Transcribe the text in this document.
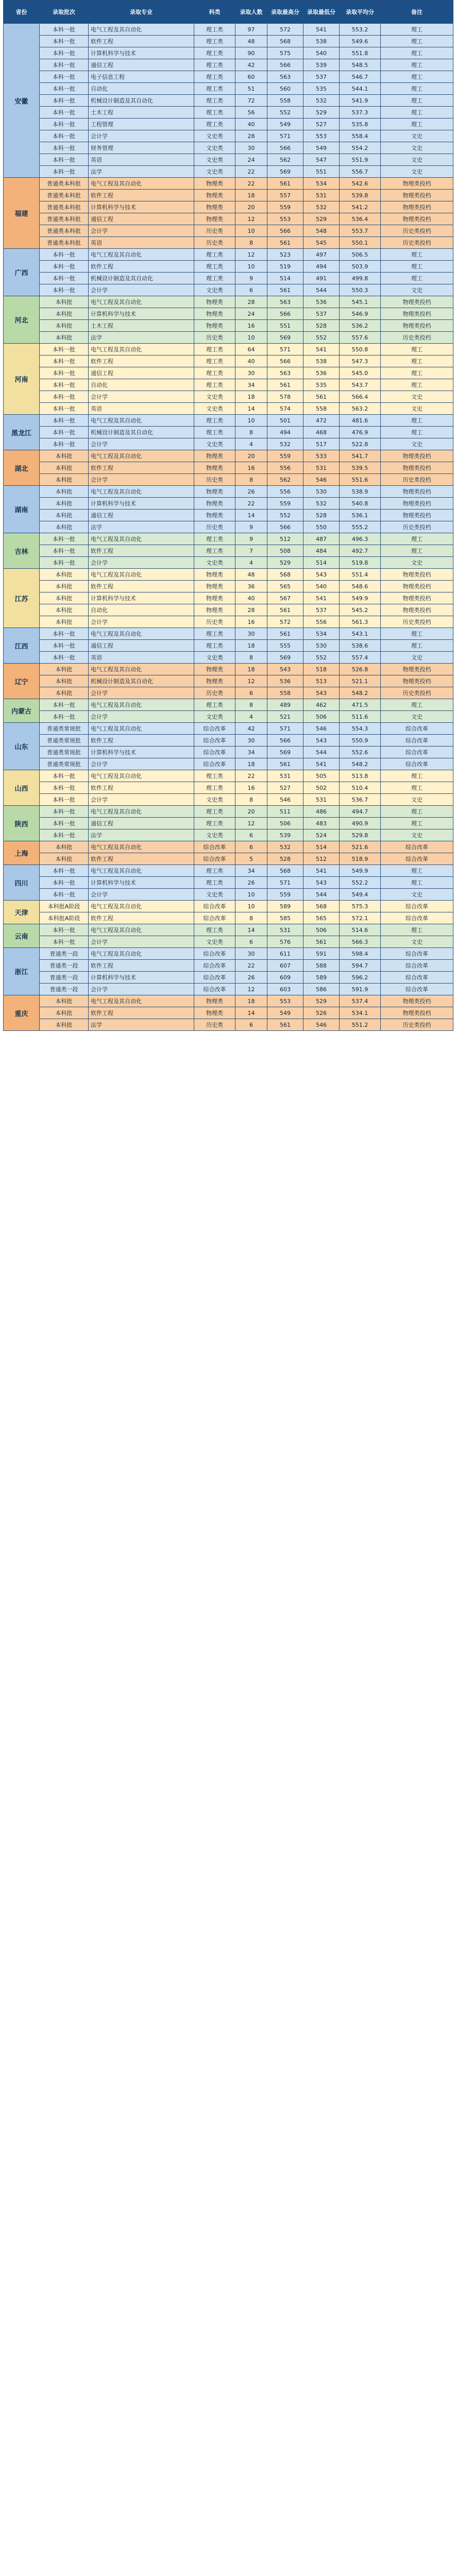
省份	录取批次	录取专业	科类	录取人数	录取最高分	录取最低分	录取平均分	备注
安徽	本科一批	电气工程及其自动化	理工类	97	572	541	553.2	理工
	本科一批	软件工程	理工类	48	568	538	549.6	理工
	本科一批	计算机科学与技术	理工类	90	575	540	551.8	理工
	本科一批	通信工程	理工类	42	566	539	548.5	理工
	本科一批	电子信息工程	理工类	60	563	537	546.7	理工
	本科一批	自动化	理工类	51	560	535	544.1	理工
	本科一批	机械设计制造及其自动化	理工类	72	558	532	541.9	理工
	本科一批	土木工程	理工类	56	552	529	537.3	理工
	本科一批	工程管理	理工类	40	549	527	535.8	理工
	本科一批	会计学	文史类	28	571	553	558.4	文史
	本科一批	财务管理	文史类	30	566	549	554.2	文史
	本科一批	英语	文史类	24	562	547	551.9	文史
	本科一批	法学	文史类	22	569	551	556.7	文史
福建	普通类本科批	电气工程及其自动化	物理类	22	561	534	542.6	物理类投档
	普通类本科批	软件工程	物理类	18	557	531	539.8	物理类投档
	普通类本科批	计算机科学与技术	物理类	20	559	532	541.2	物理类投档
	普通类本科批	通信工程	物理类	12	553	529	536.4	物理类投档
	普通类本科批	会计学	历史类	10	566	548	553.7	历史类投档
	普通类本科批	英语	历史类	8	561	545	550.1	历史类投档
广西	本科一批	电气工程及其自动化	理工类	12	523	497	506.5	理工
	本科一批	软件工程	理工类	10	519	494	503.9	理工
	本科一批	机械设计制造及其自动化	理工类	9	514	491	499.8	理工
	本科一批	会计学	文史类	6	561	544	550.3	文史
河北	本科批	电气工程及其自动化	物理类	28	563	536	545.1	物理类投档
	本科批	计算机科学与技术	物理类	24	566	537	546.9	物理类投档
	本科批	土木工程	物理类	16	551	528	536.2	物理类投档
	本科批	法学	历史类	10	569	552	557.6	历史类投档
河南	本科一批	电气工程及其自动化	理工类	64	571	541	550.8	理工
	本科一批	软件工程	理工类	40	566	538	547.3	理工
	本科一批	通信工程	理工类	30	563	536	545.0	理工
	本科一批	自动化	理工类	34	561	535	543.7	理工
	本科一批	会计学	文史类	18	578	561	566.4	文史
	本科一批	英语	文史类	14	574	558	563.2	文史
黑龙江	本科一批	电气工程及其自动化	理工类	10	501	472	481.6	理工
	本科一批	机械设计制造及其自动化	理工类	8	494	468	476.9	理工
	本科一批	会计学	文史类	4	532	517	522.8	文史
湖北	本科批	电气工程及其自动化	物理类	20	559	533	541.7	物理类投档
	本科批	软件工程	物理类	16	556	531	539.5	物理类投档
	本科批	会计学	历史类	8	562	546	551.6	历史类投档
湖南	本科批	电气工程及其自动化	物理类	26	556	530	538.9	物理类投档
	本科批	计算机科学与技术	物理类	22	559	532	540.8	物理类投档
	本科批	通信工程	物理类	14	552	528	536.1	物理类投档
	本科批	法学	历史类	9	566	550	555.2	历史类投档
吉林	本科一批	电气工程及其自动化	理工类	9	512	487	496.3	理工
	本科一批	软件工程	理工类	7	508	484	492.7	理工
	本科一批	会计学	文史类	4	529	514	519.8	文史
江苏	本科批	电气工程及其自动化	物理类	48	568	543	551.4	物理类投档
	本科批	软件工程	物理类	36	565	540	548.6	物理类投档
	本科批	计算机科学与技术	物理类	40	567	541	549.9	物理类投档
	本科批	自动化	物理类	28	561	537	545.2	物理类投档
	本科批	会计学	历史类	16	572	556	561.3	历史类投档
江西	本科一批	电气工程及其自动化	理工类	30	561	534	543.1	理工
	本科一批	通信工程	理工类	18	555	530	538.6	理工
	本科一批	英语	文史类	8	569	552	557.4	文史
辽宁	本科批	电气工程及其自动化	物理类	18	543	518	526.8	物理类投档
	本科批	机械设计制造及其自动化	物理类	12	536	513	521.1	物理类投档
	本科批	会计学	历史类	6	558	543	548.2	历史类投档
内蒙古	本科一批	电气工程及其自动化	理工类	8	489	462	471.5	理工
	本科一批	会计学	文史类	4	521	506	511.6	文史
山东	普通类常规批	电气工程及其自动化	综合改革	42	571	546	554.3	综合改革
	普通类常规批	软件工程	综合改革	30	566	543	550.9	综合改革
	普通类常规批	计算机科学与技术	综合改革	34	569	544	552.6	综合改革
	普通类常规批	会计学	综合改革	18	561	541	548.2	综合改革
山西	本科一批	电气工程及其自动化	理工类	22	531	505	513.8	理工
	本科一批	软件工程	理工类	16	527	502	510.4	理工
	本科一批	会计学	文史类	8	546	531	536.7	文史
陕西	本科一批	电气工程及其自动化	理工类	20	511	486	494.7	理工
	本科一批	通信工程	理工类	12	506	483	490.9	理工
	本科一批	法学	文史类	6	539	524	529.8	文史
上海	本科批	电气工程及其自动化	综合改革	6	532	514	521.6	综合改革
	本科批	软件工程	综合改革	5	528	512	518.9	综合改革
四川	本科一批	电气工程及其自动化	理工类	34	568	541	549.9	理工
	本科一批	计算机科学与技术	理工类	26	571	543	552.2	理工
	本科一批	会计学	文史类	10	559	544	549.4	文史
天津	本科批A阶段	电气工程及其自动化	综合改革	10	589	568	575.3	综合改革
	本科批A阶段	软件工程	综合改革	8	585	565	572.1	综合改革
云南	本科一批	电气工程及其自动化	理工类	14	531	506	514.6	理工
	本科一批	会计学	文史类	6	576	561	566.3	文史
浙江	普通类一段	电气工程及其自动化	综合改革	30	611	591	598.4	综合改革
	普通类一段	软件工程	综合改革	22	607	588	594.7	综合改革
	普通类一段	计算机科学与技术	综合改革	26	609	589	596.2	综合改革
	普通类一段	会计学	综合改革	12	603	586	591.9	综合改革
重庆	本科批	电气工程及其自动化	物理类	18	553	529	537.4	物理类投档
	本科批	软件工程	物理类	14	549	526	534.1	物理类投档
	本科批	法学	历史类	6	561	546	551.2	历史类投档
